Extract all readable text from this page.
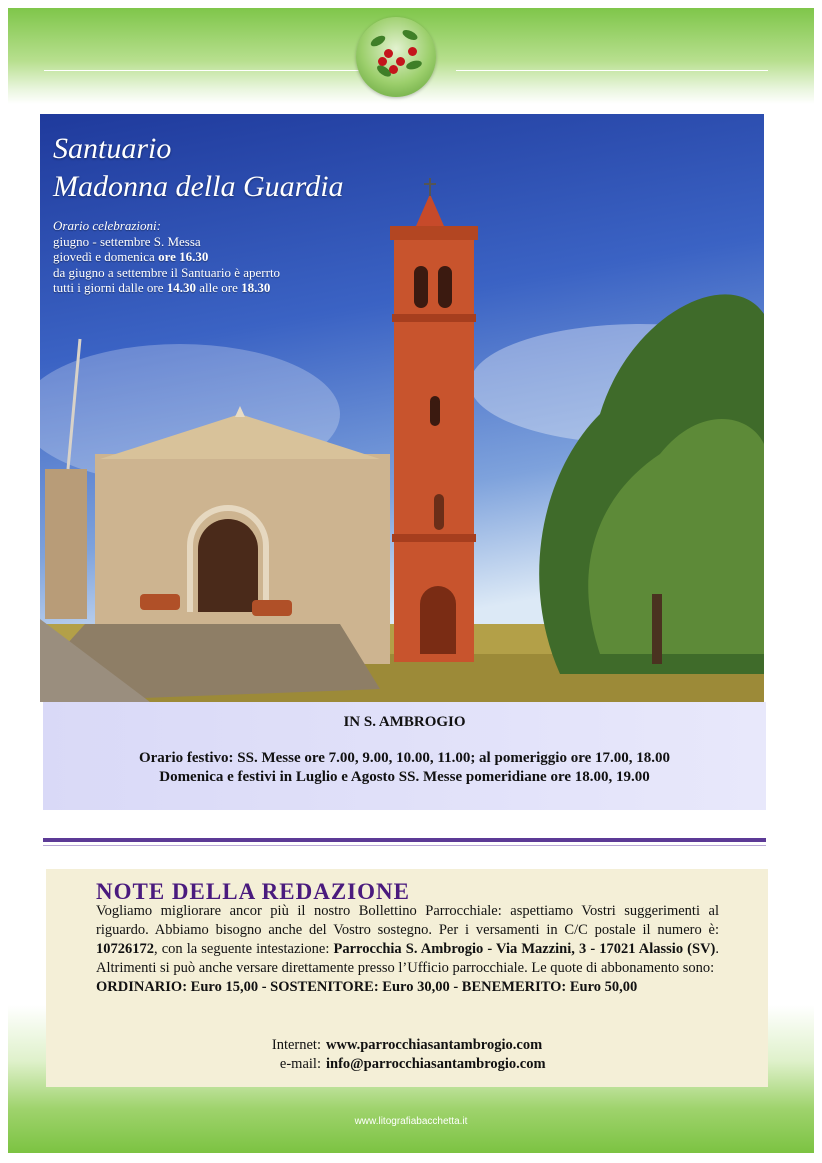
Santuario
Madonna della Guardia
Orario celebrazioni:
giugno - settembre S. Messa
giovedì e domenica ore 16.30
da giugno a settembre il Santuario è aperrto
tutti i giorni dalle ore 14.30 alle ore 18.30
IN S. AMBROGIO
Orario festivo: SS. Messe ore 7.00, 9.00, 10.00, 11.00; al pomeriggio ore 17.00, 18.00
Domenica e festivi in Luglio e Agosto SS. Messe pomeridiane ore 18.00, 19.00
NOTE DELLA REDAZIONE
Vogliamo migliorare ancor più il nostro Bollettino Parrocchiale: aspettiamo Vostri suggerimenti al riguardo. Abbiamo bisogno anche del Vostro sostegno. Per i versamenti in C/C postale il numero è: 10726172, con la seguente intestazione: Parrocchia S. Ambrogio - Via Mazzini, 3 - 17021 Alassio (SV). Altrimenti si può anche versare direttamente presso l’Ufficio parrocchiale. Le quote di abbonamento sono:
ORDINARIO: Euro 15,00 - SOSTENITORE: Euro 30,00 - BENEMERITO: Euro 50,00
Internet: www.parrocchiasantambrogio.com
e-mail: info@parrocchiasantambrogio.com
www.litografiabacchetta.it
